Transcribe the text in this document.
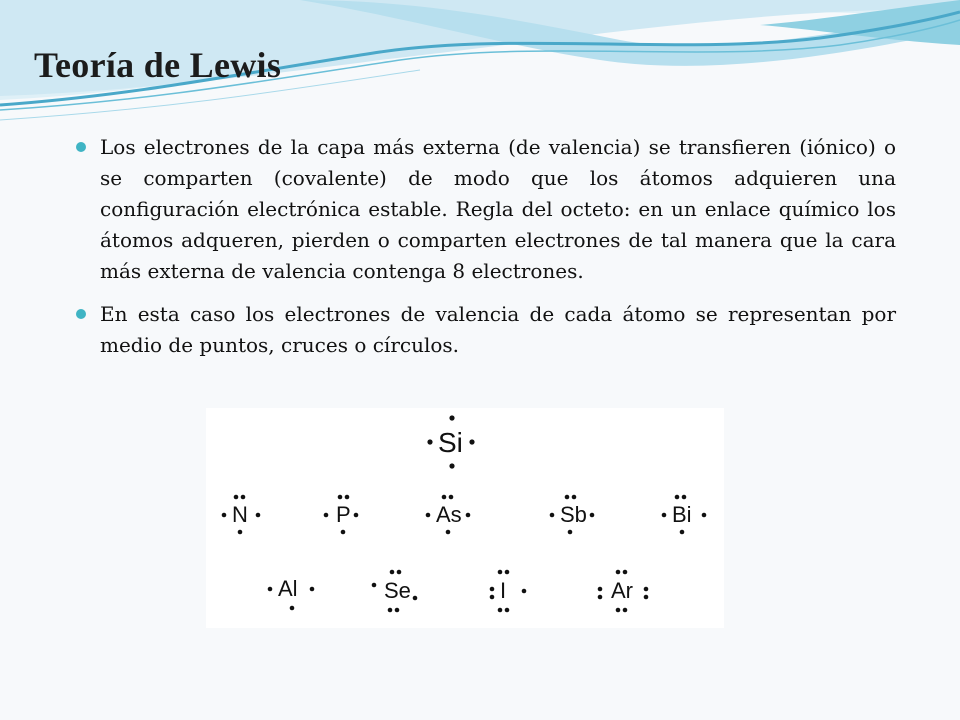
Teoría de Lewis
Los electrones de la capa más externa (de valencia) se transfieren (iónico) o se comparten (covalente) de modo que los átomos adquieren una configuración electrónica estable. Regla del octeto: en un enlace químico los átomos adqueren, pierden o comparten electrones de tal manera que la cara más externa de valencia contenga 8 electrones.
En esta caso los electrones de valencia de cada átomo se representan por medio de puntos, cruces o círculos.
Si
N	P	As	Sb	Bi
Al	Se	I	Ar
